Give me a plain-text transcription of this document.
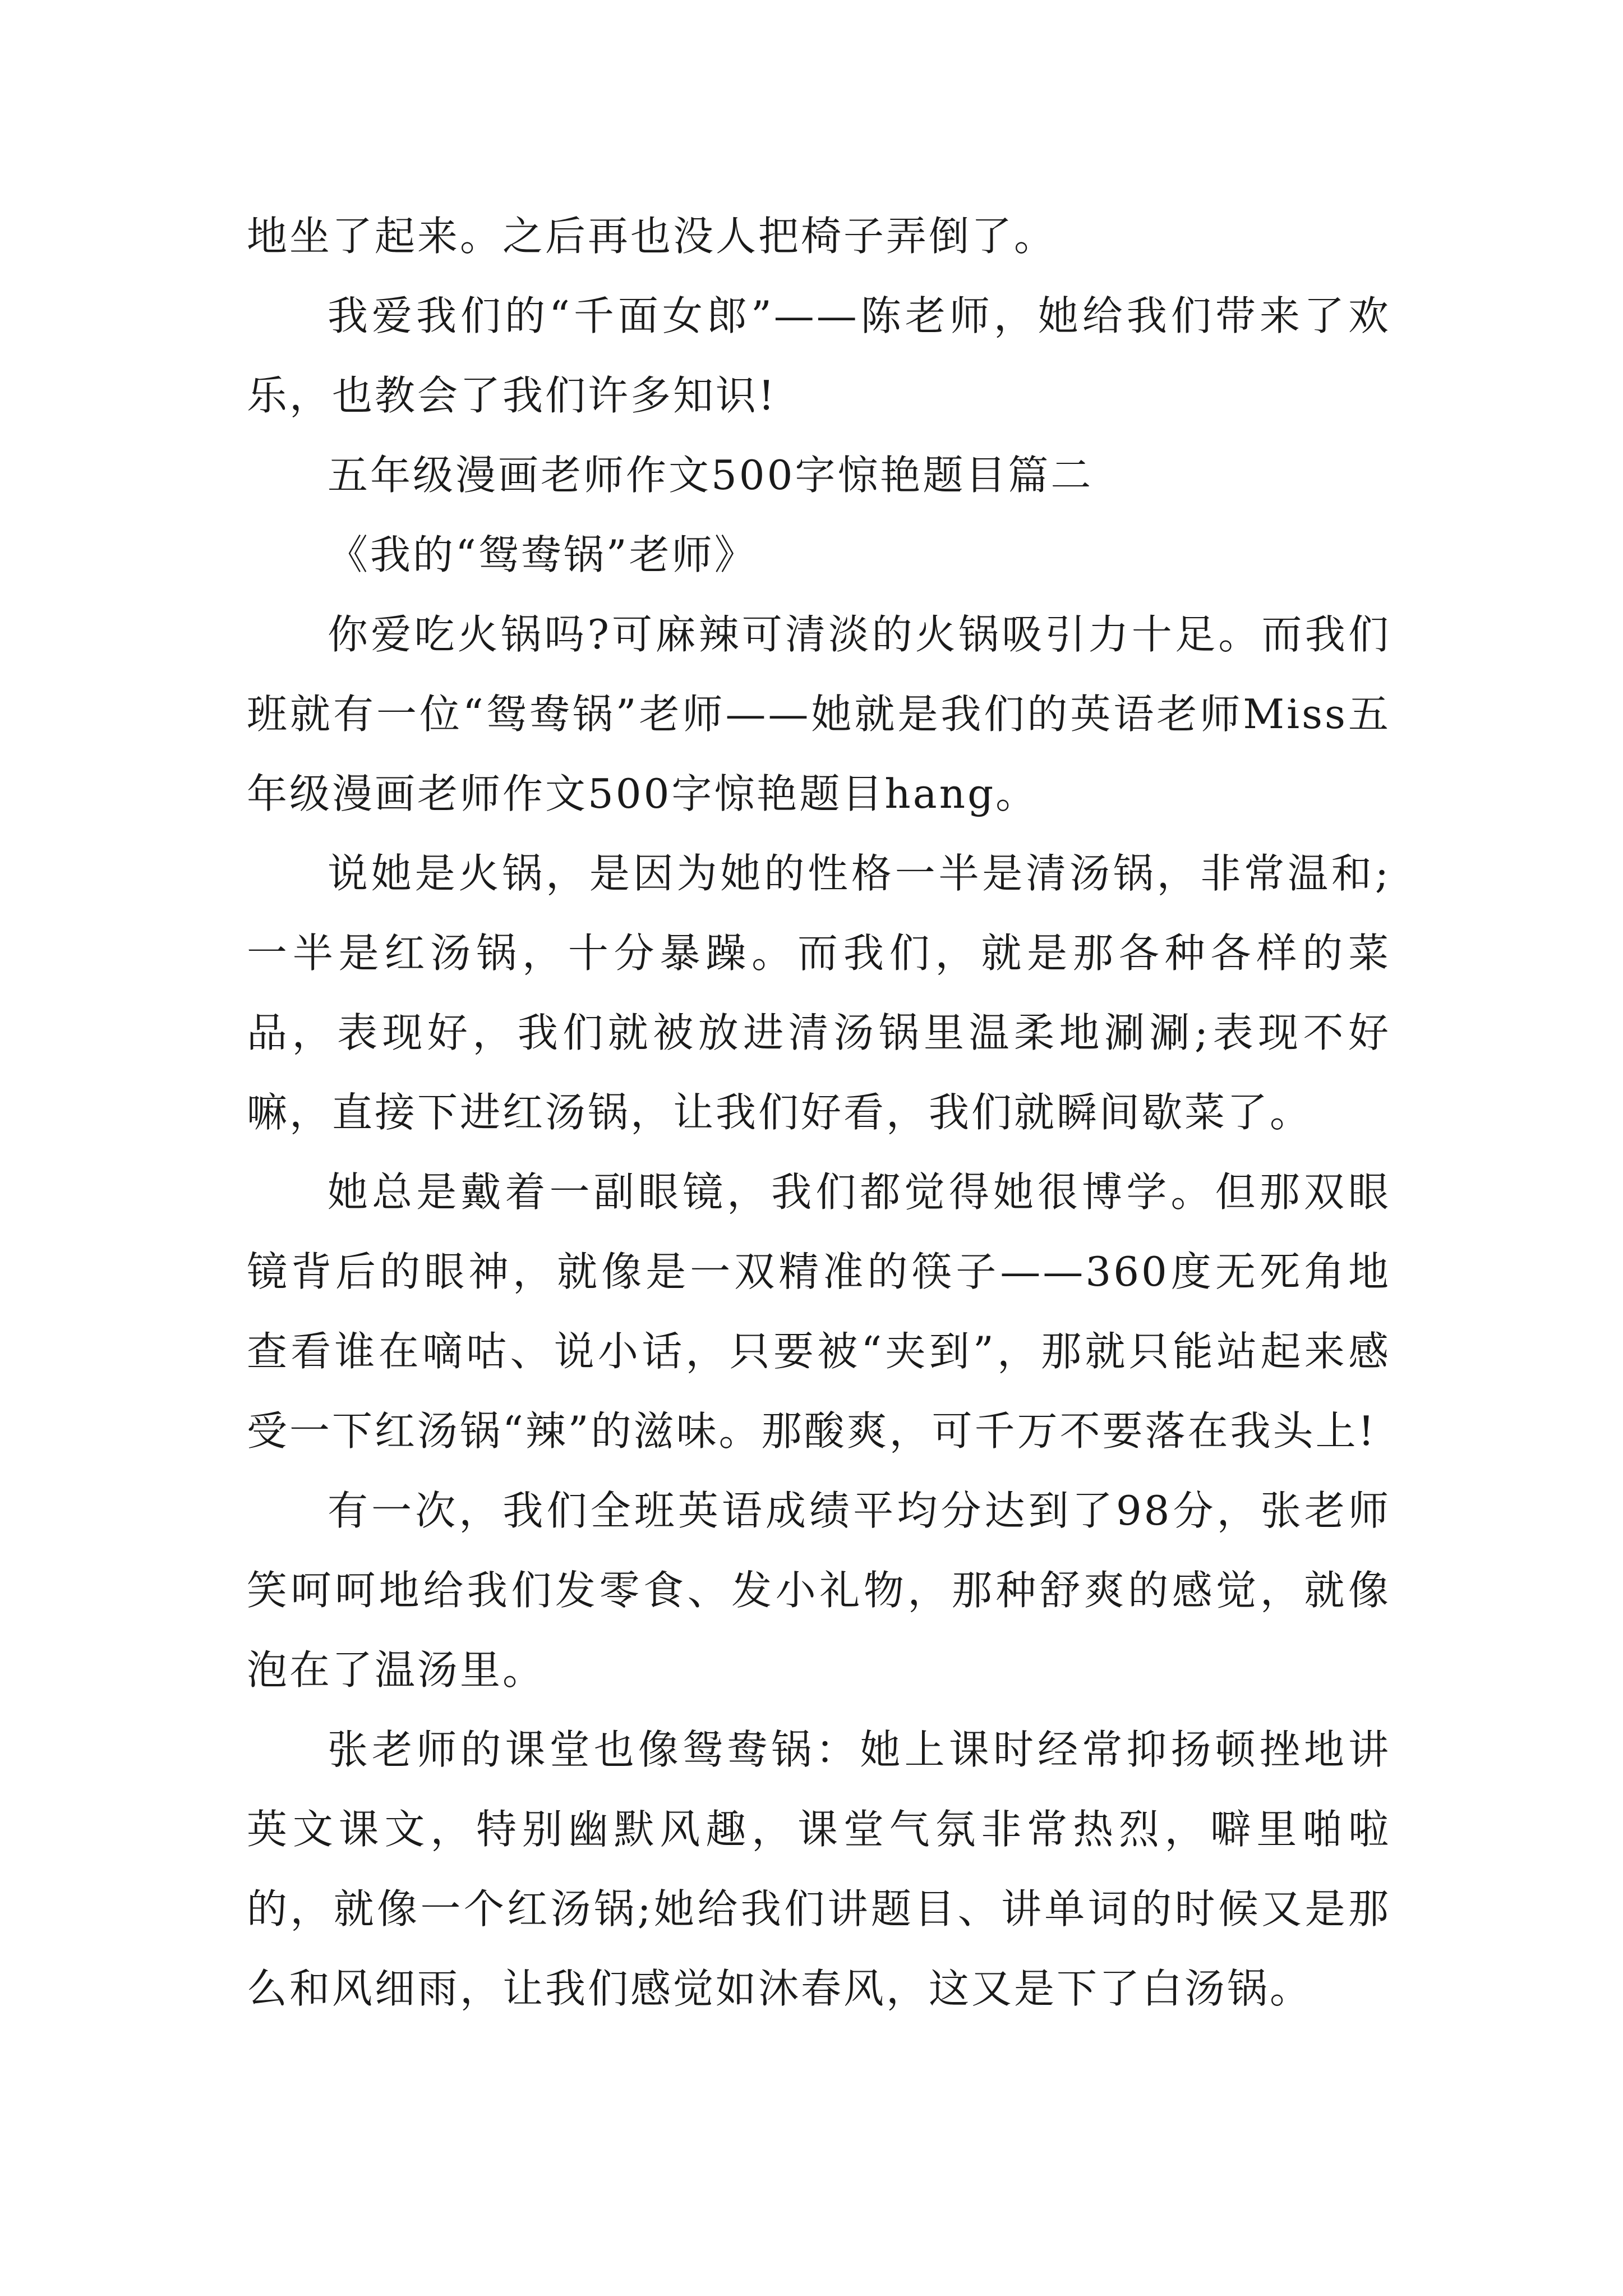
地坐了起来。之后再也没人把椅子弄倒了。

我爱我们的“千面女郎”——陈老师，她给我们带来了欢乐，也教会了我们许多知识!

五年级漫画老师作文500字惊艳题目篇二

《我的“鸳鸯锅”老师》

你爱吃火锅吗?可麻辣可清淡的火锅吸引力十足。而我们班就有一位“鸳鸯锅”老师——她就是我们的英语老师Miss五年级漫画老师作文500字惊艳题目hang。

说她是火锅，是因为她的性格一半是清汤锅，非常温和;一半是红汤锅，十分暴躁。而我们，就是那各种各样的菜品，表现好，我们就被放进清汤锅里温柔地涮涮;表现不好嘛，直接下进红汤锅，让我们好看，我们就瞬间歇菜了。

她总是戴着一副眼镜，我们都觉得她很博学。但那双眼镜背后的眼神，就像是一双精准的筷子——360度无死角地查看谁在嘀咕、说小话，只要被“夹到”，那就只能站起来感受一下红汤锅“辣”的滋味。那酸爽，可千万不要落在我头上!

有一次，我们全班英语成绩平均分达到了98分，张老师笑呵呵地给我们发零食、发小礼物，那种舒爽的感觉，就像泡在了温汤里。

张老师的课堂也像鸳鸯锅：她上课时经常抑扬顿挫地讲英文课文，特别幽默风趣，课堂气氛非常热烈，噼里啪啦的，就像一个红汤锅;她给我们讲题目、讲单词的时候又是那么和风细雨，让我们感觉如沐春风，这又是下了白汤锅。
